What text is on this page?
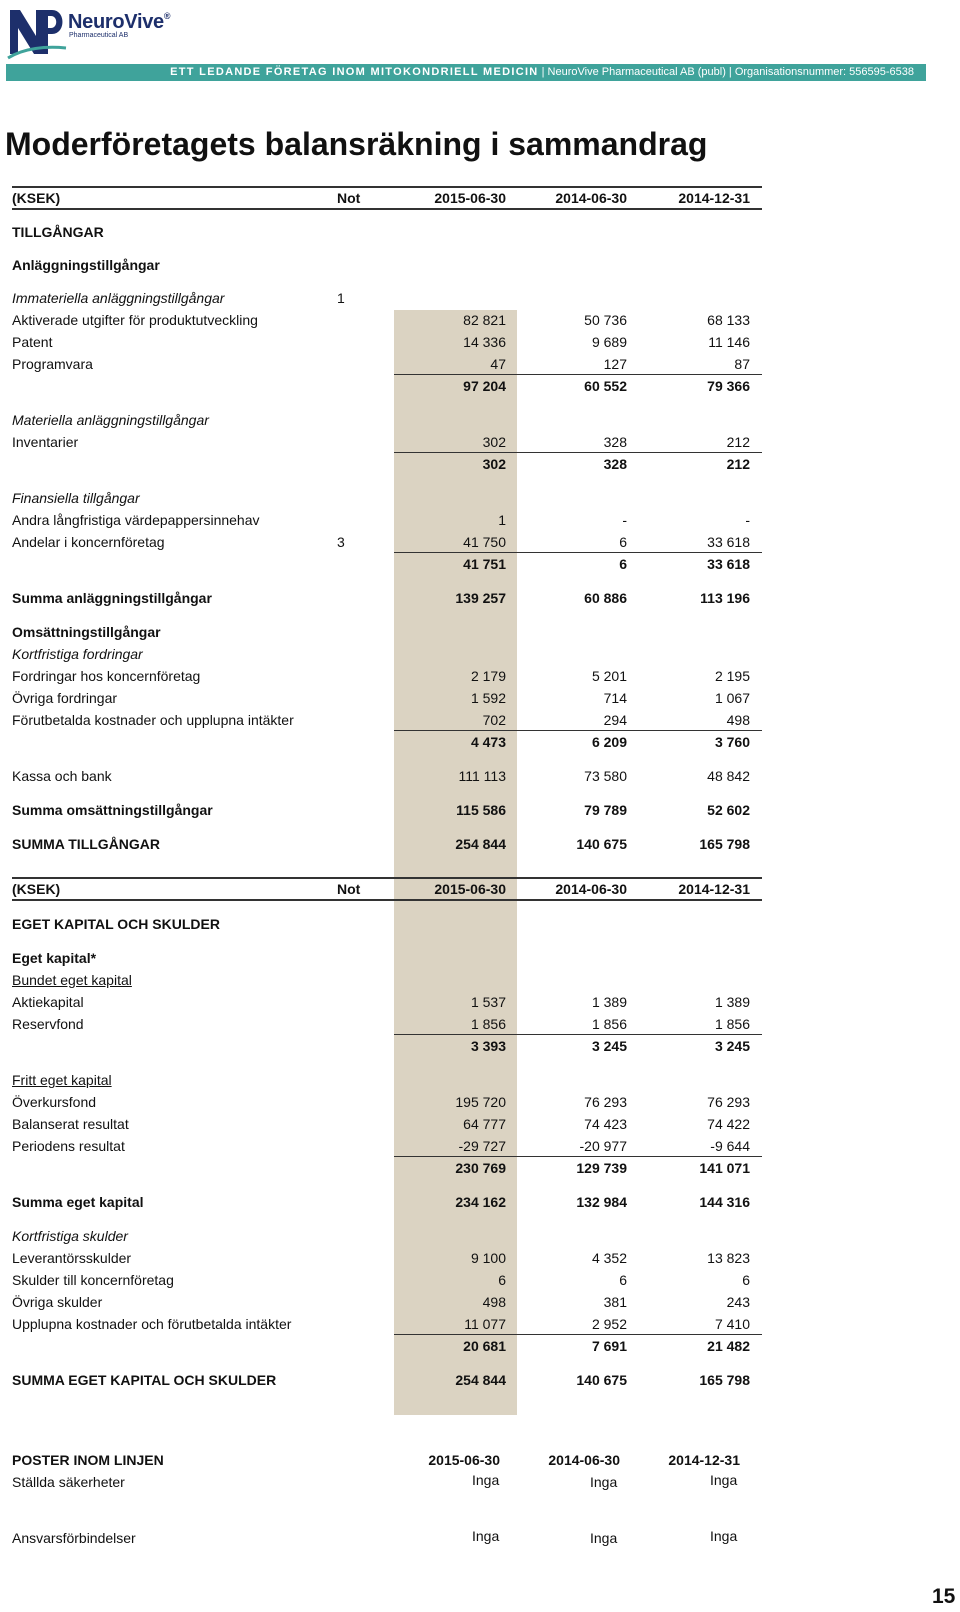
NeuroVive®
Pharmaceutical AB
ETT LEDANDE FÖRETAG INOM MITOKONDRIELL MEDICIN | NeuroVive Pharmaceutical AB (publ) | Organisationsnummer: 556595-6538
Moderföretagets balansräkning i sammandrag
(KSEK)	Not	2015-06-30	2014-06-30	2014-12-31
TILLGÅNGAR
Anläggningstillgångar
Immateriella anläggningstillgångar	1
Aktiverade utgifter för produktutveckling	82 821	50 736	68 133
Patent	14 336	9 689	11 146
Programvara	47	127	87
97 204	60 552	79 366
Materiella anläggningstillgångar
Inventarier	302	328	212
302	328	212
Finansiella tillgångar
Andra långfristiga värdepappersinnehav	1	-	-
Andelar i koncernföretag	3	41 750	6	33 618
41 751	6	33 618
Summa anläggningstillgångar	139 257	60 886	113 196
Omsättningstillgångar
Kortfristiga fordringar
Fordringar hos koncernföretag	2 179	5 201	2 195
Övriga fordringar	1 592	714	1 067
Förutbetalda kostnader och upplupna intäkter	702	294	498
4 473	6 209	3 760
Kassa och bank	111 113	73 580	48 842
Summa omsättningstillgångar	115 586	79 789	52 602
SUMMA TILLGÅNGAR	254 844	140 675	165 798
(KSEK)	Not	2015-06-30	2014-06-30	2014-12-31
EGET KAPITAL OCH SKULDER
Eget kapital*
Bundet eget kapital
Aktiekapital	1 537	1 389	1 389
Reservfond	1 856	1 856	1 856
3 393	3 245	3 245
Fritt eget kapital
Överkursfond	195 720	76 293	76 293
Balanserat resultat	64 777	74 423	74 422
Periodens resultat	-29 727	-20 977	-9 644
230 769	129 739	141 071
Summa eget kapital	234 162	132 984	144 316
Kortfristiga skulder
Leverantörsskulder	9 100	4 352	13 823
Skulder till koncernföretag	6	6	6
Övriga skulder	498	381	243
Upplupna kostnader och förutbetalda intäkter	11 077	2 952	7 410
20 681	7 691	21 482
SUMMA EGET KAPITAL OCH SKULDER	254 844	140 675	165 798
POSTER INOM LINJEN	2015-06-30	2014-06-30	2014-12-31
Ställda säkerheter	Inga	Inga	Inga
Ansvarsförbindelser	Inga	Inga	Inga
15
